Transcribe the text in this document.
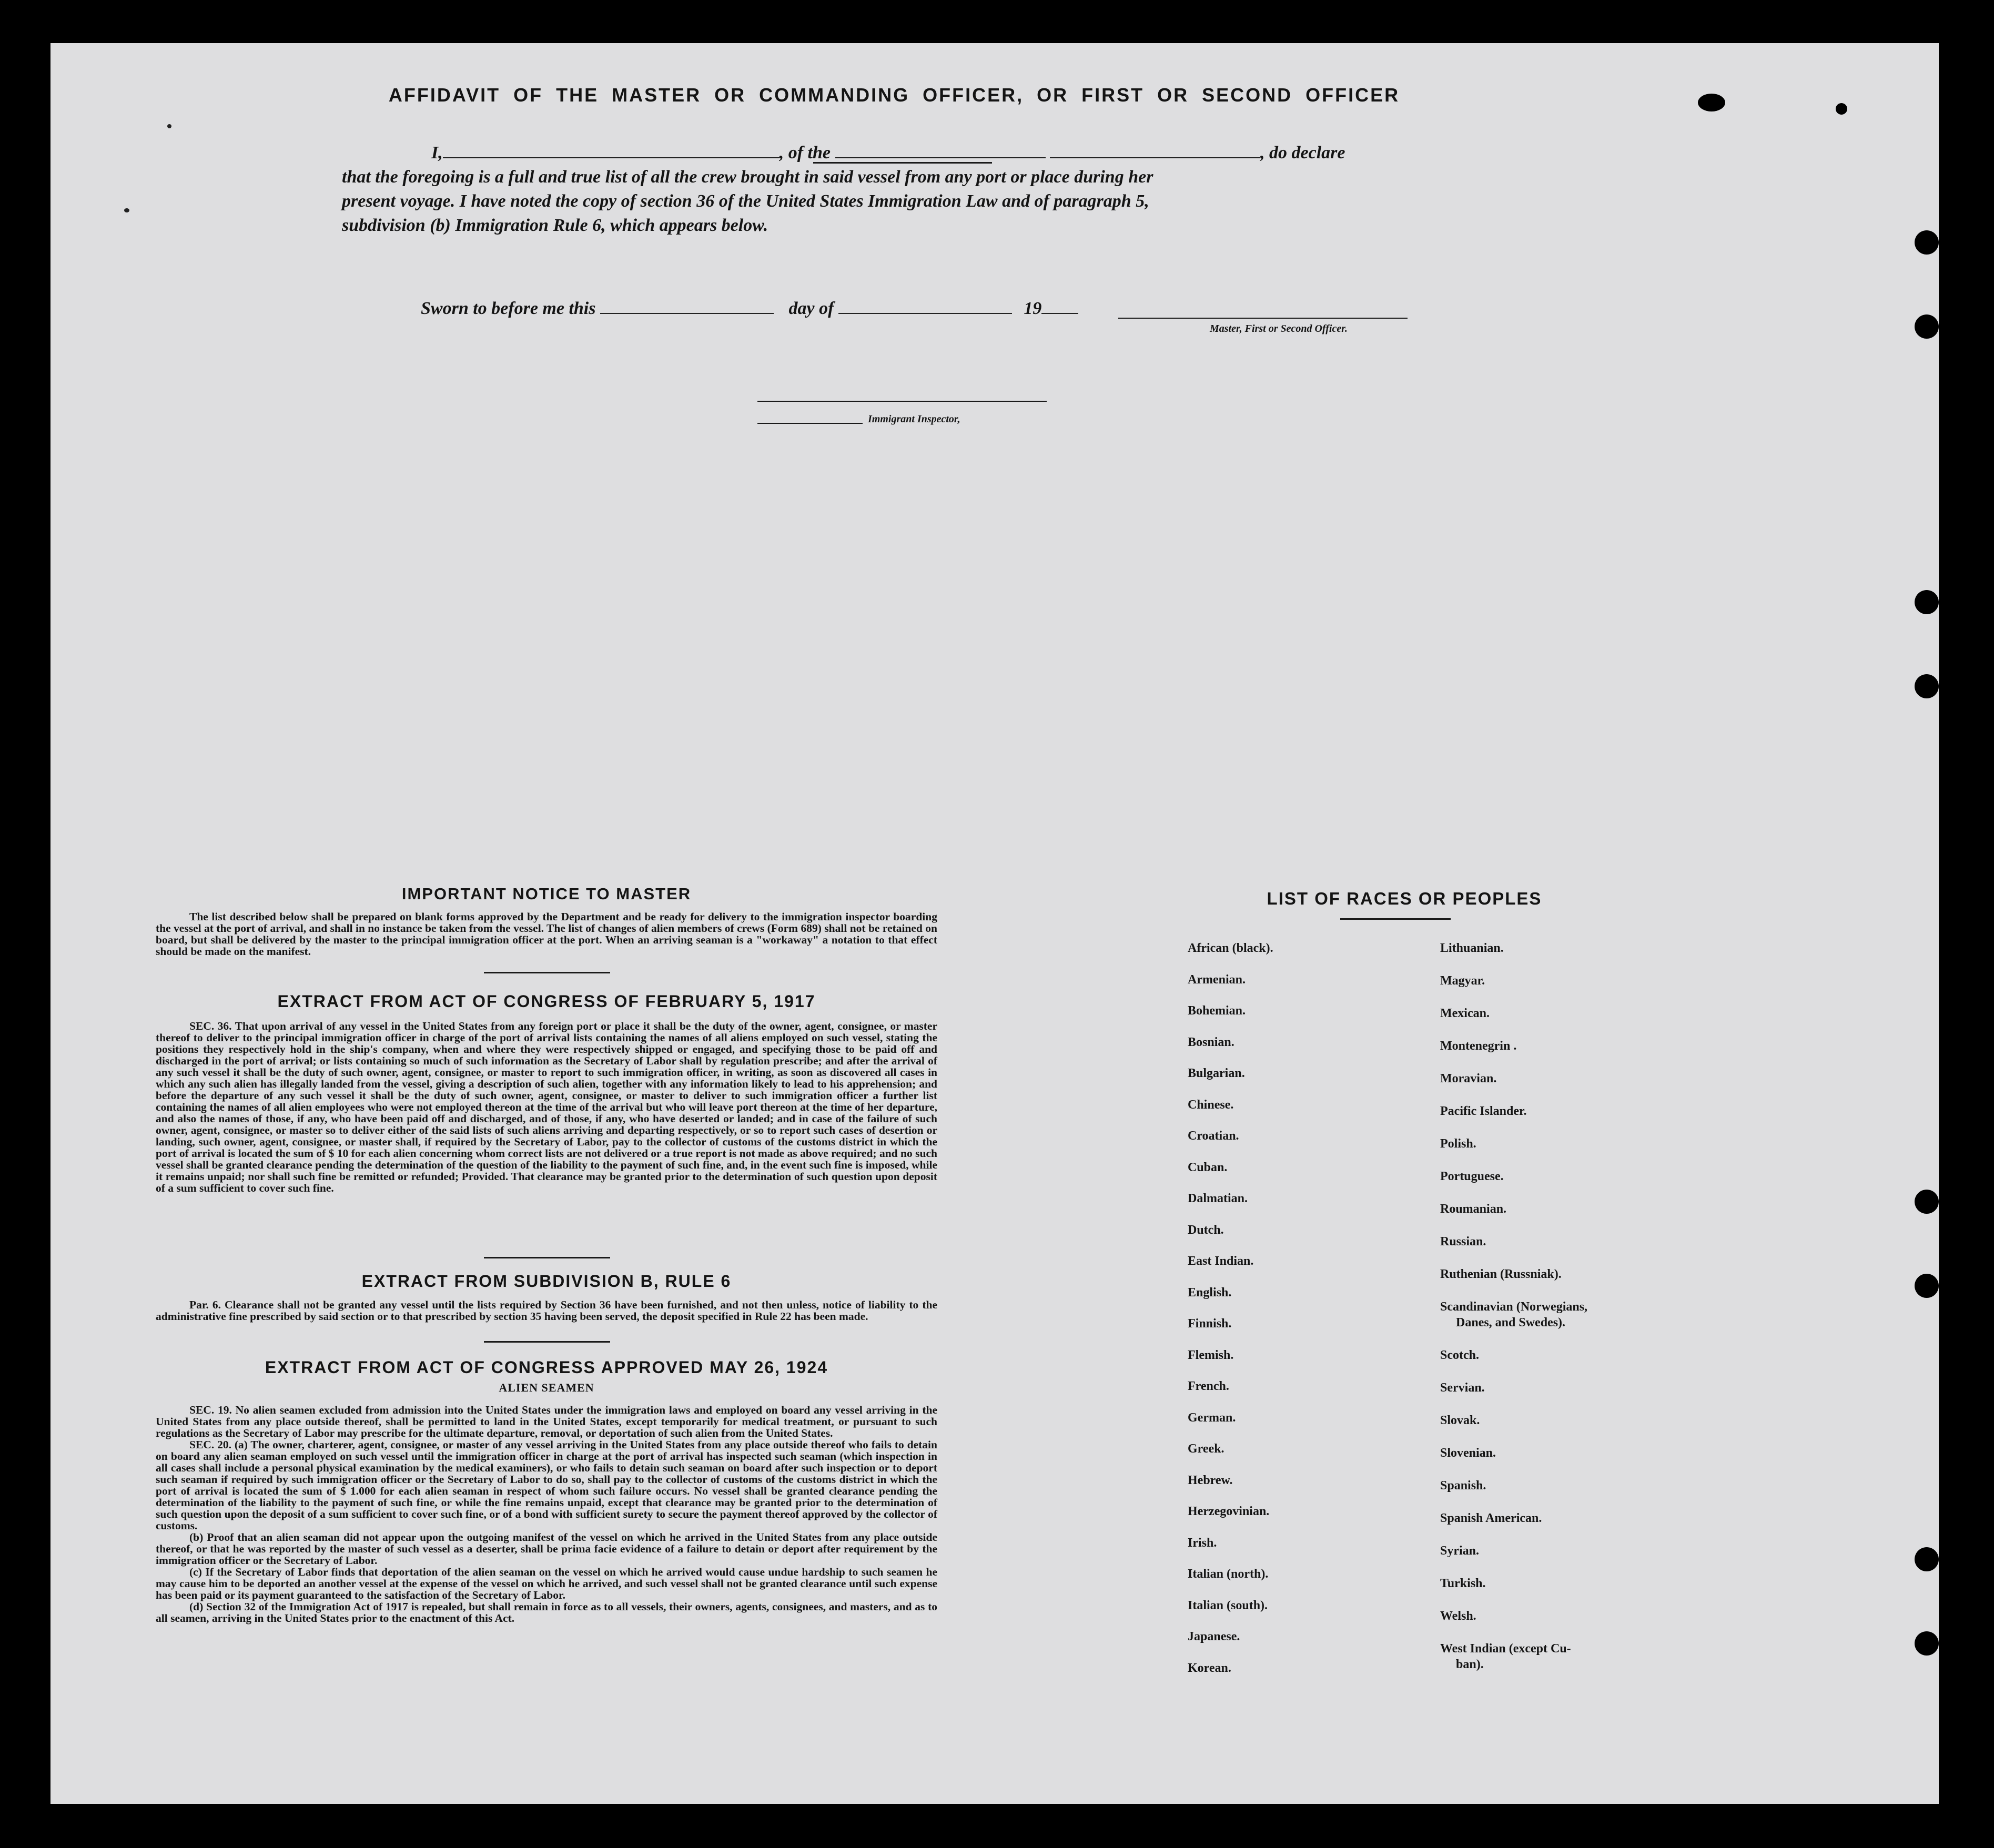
AFFIDAVIT OF THE MASTER OR COMMANDING OFFICER, OR FIRST OR SECOND OFFICER
I,	, of the	, do declare
that the foregoing is a full and true list of all the crew brought in said vessel from any port or place during her
present voyage. I have noted the copy of section 36 of the United States Immigration Law and of paragraph 5,
subdivision (b) Immigration Rule 6, which appears below.
Master, First or Second Officer.
Sworn to before me this	day of	19
Immigrant Inspector,
IMPORTANT NOTICE TO MASTER

The list described below shall be prepared on blank forms approved by the Department and be ready for delivery to the immigration inspector boarding the vessel at the port of arrival, and shall in no instance be taken from the vessel. The list of changes of alien members of crews (Form 689) shall not be retained on board, but shall be delivered by the master to the principal immigration officer at the port. When an arriving seaman is a "workaway" a notation to that effect should be made on the manifest.

EXTRACT FROM ACT OF CONGRESS OF FEBRUARY 5, 1917

SEC. 36. That upon arrival of any vessel in the United States from any foreign port or place it shall be the duty of the owner, agent, consignee, or master thereof to deliver to the principal immigration officer in charge of the port of arrival lists containing the names of all aliens employed on such vessel, stating the positions they respectively hold in the ship's company, when and where they were respectively shipped or engaged, and specifying those to be paid off and discharged in the port of arrival; or lists containing so much of such information as the Secretary of Labor shall by regulation prescribe; and after the arrival of any such vessel it shall be the duty of such owner, agent, consignee, or master to report to such immigration officer, in writing, as soon as discovered all cases in which any such alien has illegally landed from the vessel, giving a description of such alien, together with any information likely to lead to his apprehension; and before the departure of any such vessel it shall be the duty of such owner, agent, consignee, or master to deliver to such immigration officer a further list containing the names of all alien employees who were not employed thereon at the time of the arrival but who will leave port thereon at the time of her departure, and also the names of those, if any, who have been paid off and discharged, and of those, if any, who have deserted or landed; and in case of the failure of such owner, agent, consignee, or master so to deliver either of the said lists of such aliens arriving and departing respectively, or so to report such cases of desertion or landing, such owner, agent, consignee, or master shall, if required by the Secretary of Labor, pay to the collector of customs of the customs district in which the port of arrival is located the sum of $ 10 for each alien concerning whom correct lists are not delivered or a true report is not made as above required; and no such vessel shall be granted clearance pending the determination of the question of the liability to the payment of such fine, and, in the event such fine is imposed, while it remains unpaid; nor shall such fine be remitted or refunded; Provided. That clearance may be granted prior to the determination of such question upon deposit of a sum sufficient to cover such fine.

EXTRACT FROM SUBDIVISION B, RULE 6

Par. 6. Clearance shall not be granted any vessel until the lists required by Section 36 have been furnished, and not then unless, notice of liability to the administrative fine prescribed by said section or to that prescribed by section 35 having been served, the deposit specified in Rule 22 has been made.

EXTRACT FROM ACT OF CONGRESS APPROVED MAY 26, 1924
ALIEN SEAMEN

SEC. 19. No alien seamen excluded from admission into the United States under the immigration laws and employed on board any vessel arriving in the United States from any place outside thereof, shall be permitted to land in the United States, except temporarily for medical treatment, or pursuant to such regulations as the Secretary of Labor may prescribe for the ultimate departure, removal, or deportation of such alien from the United States.

SEC. 20. (a) The owner, charterer, agent, consignee, or master of any vessel arriving in the United States from any place outside thereof who fails to detain on board any alien seaman employed on such vessel until the immigration officer in charge at the port of arrival has inspected such seaman (which inspection in all cases shall include a personal physical examination by the medical examiners), or who fails to detain such seaman on board after such inspection or to deport such seaman if required by such immigration officer or the Secretary of Labor to do so, shall pay to the collector of customs of the customs district in which the port of arrival is located the sum of $ 1.000 for each alien seaman in respect of whom such failure occurs. No vessel shall be granted clearance pending the determination of the liability to the payment of such fine, or while the fine remains unpaid, except that clearance may be granted prior to the determination of such question upon the deposit of a sum sufficient to cover such fine, or of a bond with sufficient surety to secure the payment thereof approved by the collector of customs.

(b) Proof that an alien seaman did not appear upon the outgoing manifest of the vessel on which he arrived in the United States from any place outside thereof, or that he was reported by the master of such vessel as a deserter, shall be prima facie evidence of a failure to detain or deport after requirement by the immigration officer or the Secretary of Labor.

(c) If the Secretary of Labor finds that deportation of the alien seaman on the vessel on which he arrived would cause undue hardship to such seamen he may cause him to be deported an another vessel at the expense of the vessel on which he arrived, and such vessel shall not be granted clearance until such expense has been paid or its payment guaranteed to the satisfaction of the Secretary of Labor.

(d) Section 32 of the Immigration Act of 1917 is repealed, but shall remain in force as to all vessels, their owners, agents, consignees, and masters, and as to all seamen, arriving in the United States prior to the enactment of this Act.

LIST OF RACES OR PEOPLES
African (black).
Armenian.
Bohemian.
Bosnian.
Bulgarian.
Chinese.
Croatian.
Cuban.
Dalmatian.
Dutch.
East Indian.
English.
Finnish.
Flemish.
French.
German.
Greek.
Hebrew.
Herzegovinian.
Irish.
Italian (north).
Italian (south).
Japanese.
Korean.
Lithuanian.
Magyar.
Mexican.
Montenegrin .
Moravian.
Pacific Islander.
Polish.
Portuguese.
Roumanian.
Russian.
Ruthenian (Russniak).
Scandinavian (Norwegians,
Danes, and Swedes).
Scotch.
Servian.
Slovak.
Slovenian.
Spanish.
Spanish American.
Syrian.
Turkish.
Welsh.
West Indian (except Cu-
ban).
